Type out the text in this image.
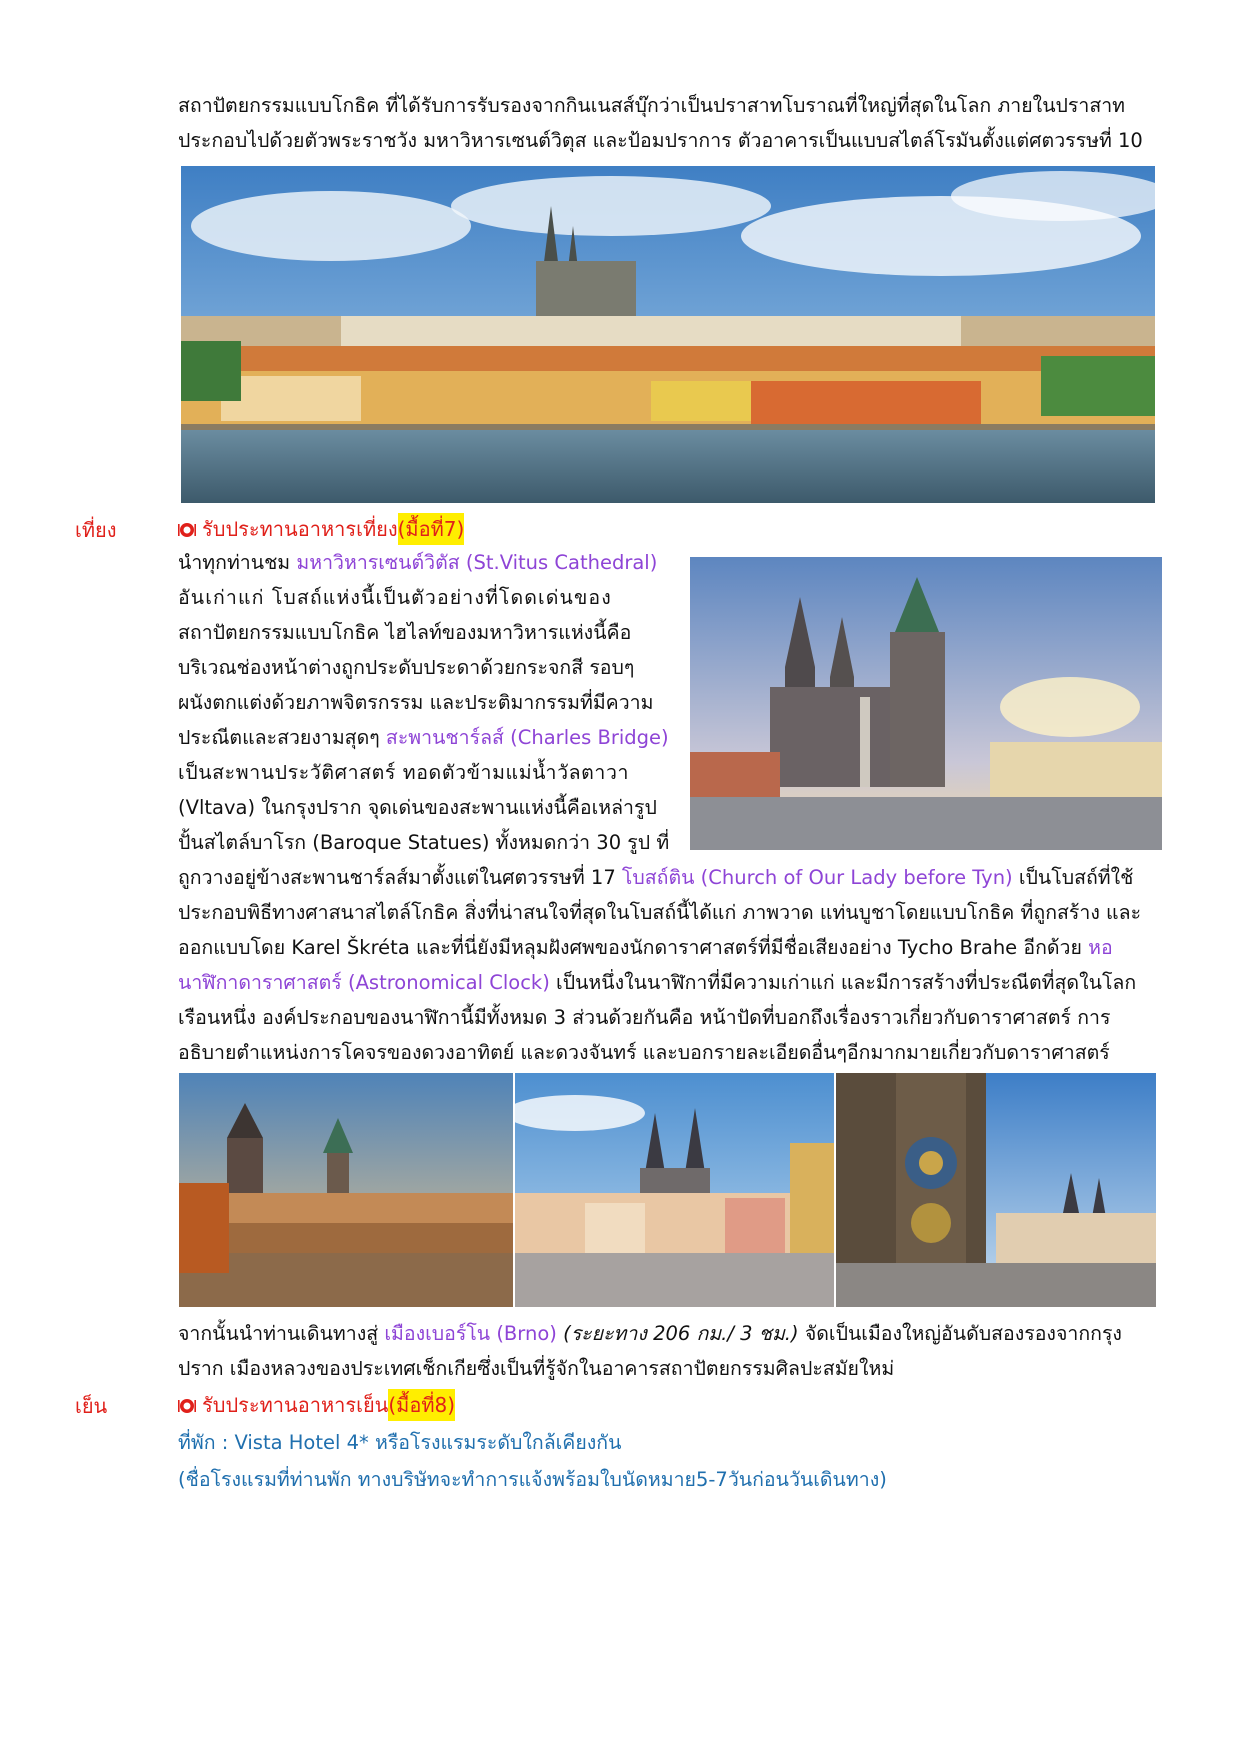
สถาปัตยกรรมแบบโกธิค ที่ได้รับการรับรองจากกินเนสส์บุ๊กว่าเป็นปราสาทโบราณที่ใหญ่ที่สุดในโลก ภายในปราสาท

ประกอบไปด้วยตัวพระราชวัง มหาวิหารเซนต์วิตุส และป้อมปราการ ตัวอาคารเป็นแบบสไตล์โรมันตั้งแต่ศตวรรษที่ 10

เที่ยง	รับประทานอาหารเที่ยง (มื้อที่7)

นำทุกท่านชม มหาวิหารเซนต์วิตัส (St.Vitus Cathedral)

อันเก่าแก่ โบสถ์แห่งนี้เป็นตัวอย่างที่โดดเด่นของ

สถาปัตยกรรมแบบโกธิค ไฮไลท์ของมหาวิหารแห่งนี้คือ

บริเวณช่องหน้าต่างถูกประดับประดาด้วยกระจกสี รอบๆ

ผนังตกแต่งด้วยภาพจิตรกรรม และประติมากรรมที่มีความ

ประณีตและสวยงามสุดๆ สะพานชาร์ลส์ (Charles Bridge)

เป็นสะพานประวัติศาสตร์ ทอดตัวข้ามแม่น้ำวัลตาวา

(Vltava) ในกรุงปราก จุดเด่นของสะพานแห่งนี้คือเหล่ารูป

ปั้นสไตล์บาโรก (Baroque Statues) ทั้งหมดกว่า 30 รูป ที่

ถูกวางอยู่ข้างสะพานชาร์ลส์มาตั้งแต่ในศตวรรษที่ 17 โบสถ์ติน (Church of Our Lady before Tyn) เป็นโบสถ์ที่ใช้

ประกอบพิธีทางศาสนาสไตล์โกธิค สิ่งที่น่าสนใจที่สุดในโบสถ์นี้ได้แก่ ภาพวาด แท่นบูชาโดยแบบโกธิค ที่ถูกสร้าง และ

ออกแบบโดย Karel Škréta และที่นี่ยังมีหลุมฝังศพของนักดาราศาสตร์ที่มีชื่อเสียงอย่าง Tycho Brahe อีกด้วย หอ

นาฬิกาดาราศาสตร์ (Astronomical Clock) เป็นหนึ่งในนาฬิกาที่มีความเก่าแก่ และมีการสร้างที่ประณีตที่สุดในโลก

เรือนหนึ่ง องค์ประกอบของนาฬิกานี้มีทั้งหมด 3 ส่วนด้วยกันคือ หน้าปัดที่บอกถึงเรื่องราวเกี่ยวกับดาราศาสตร์ การ

อธิบายตำแหน่งการโคจรของดวงอาทิตย์ และดวงจันทร์ และบอกรายละเอียดอื่นๆอีกมากมายเกี่ยวกับดาราศาสตร์

จากนั้นนำท่านเดินทางสู่ เมืองเบอร์โน (Brno) (ระยะทาง 206 กม./ 3 ชม.) จัดเป็นเมืองใหญ่อันดับสองรองจากกรุง

ปราก เมืองหลวงของประเทศเช็กเกียซึ่งเป็นที่รู้จักในอาคารสถาปัตยกรรมศิลปะสมัยใหม่

เย็น	รับประทานอาหารเย็น (มื้อที่8)

ที่พัก : Vista Hotel 4* หรือโรงแรมระดับใกล้เคียงกัน

(ชื่อโรงแรมที่ท่านพัก ทางบริษัทจะทำการแจ้งพร้อมใบนัดหมาย5-7วันก่อนวันเดินทาง)
